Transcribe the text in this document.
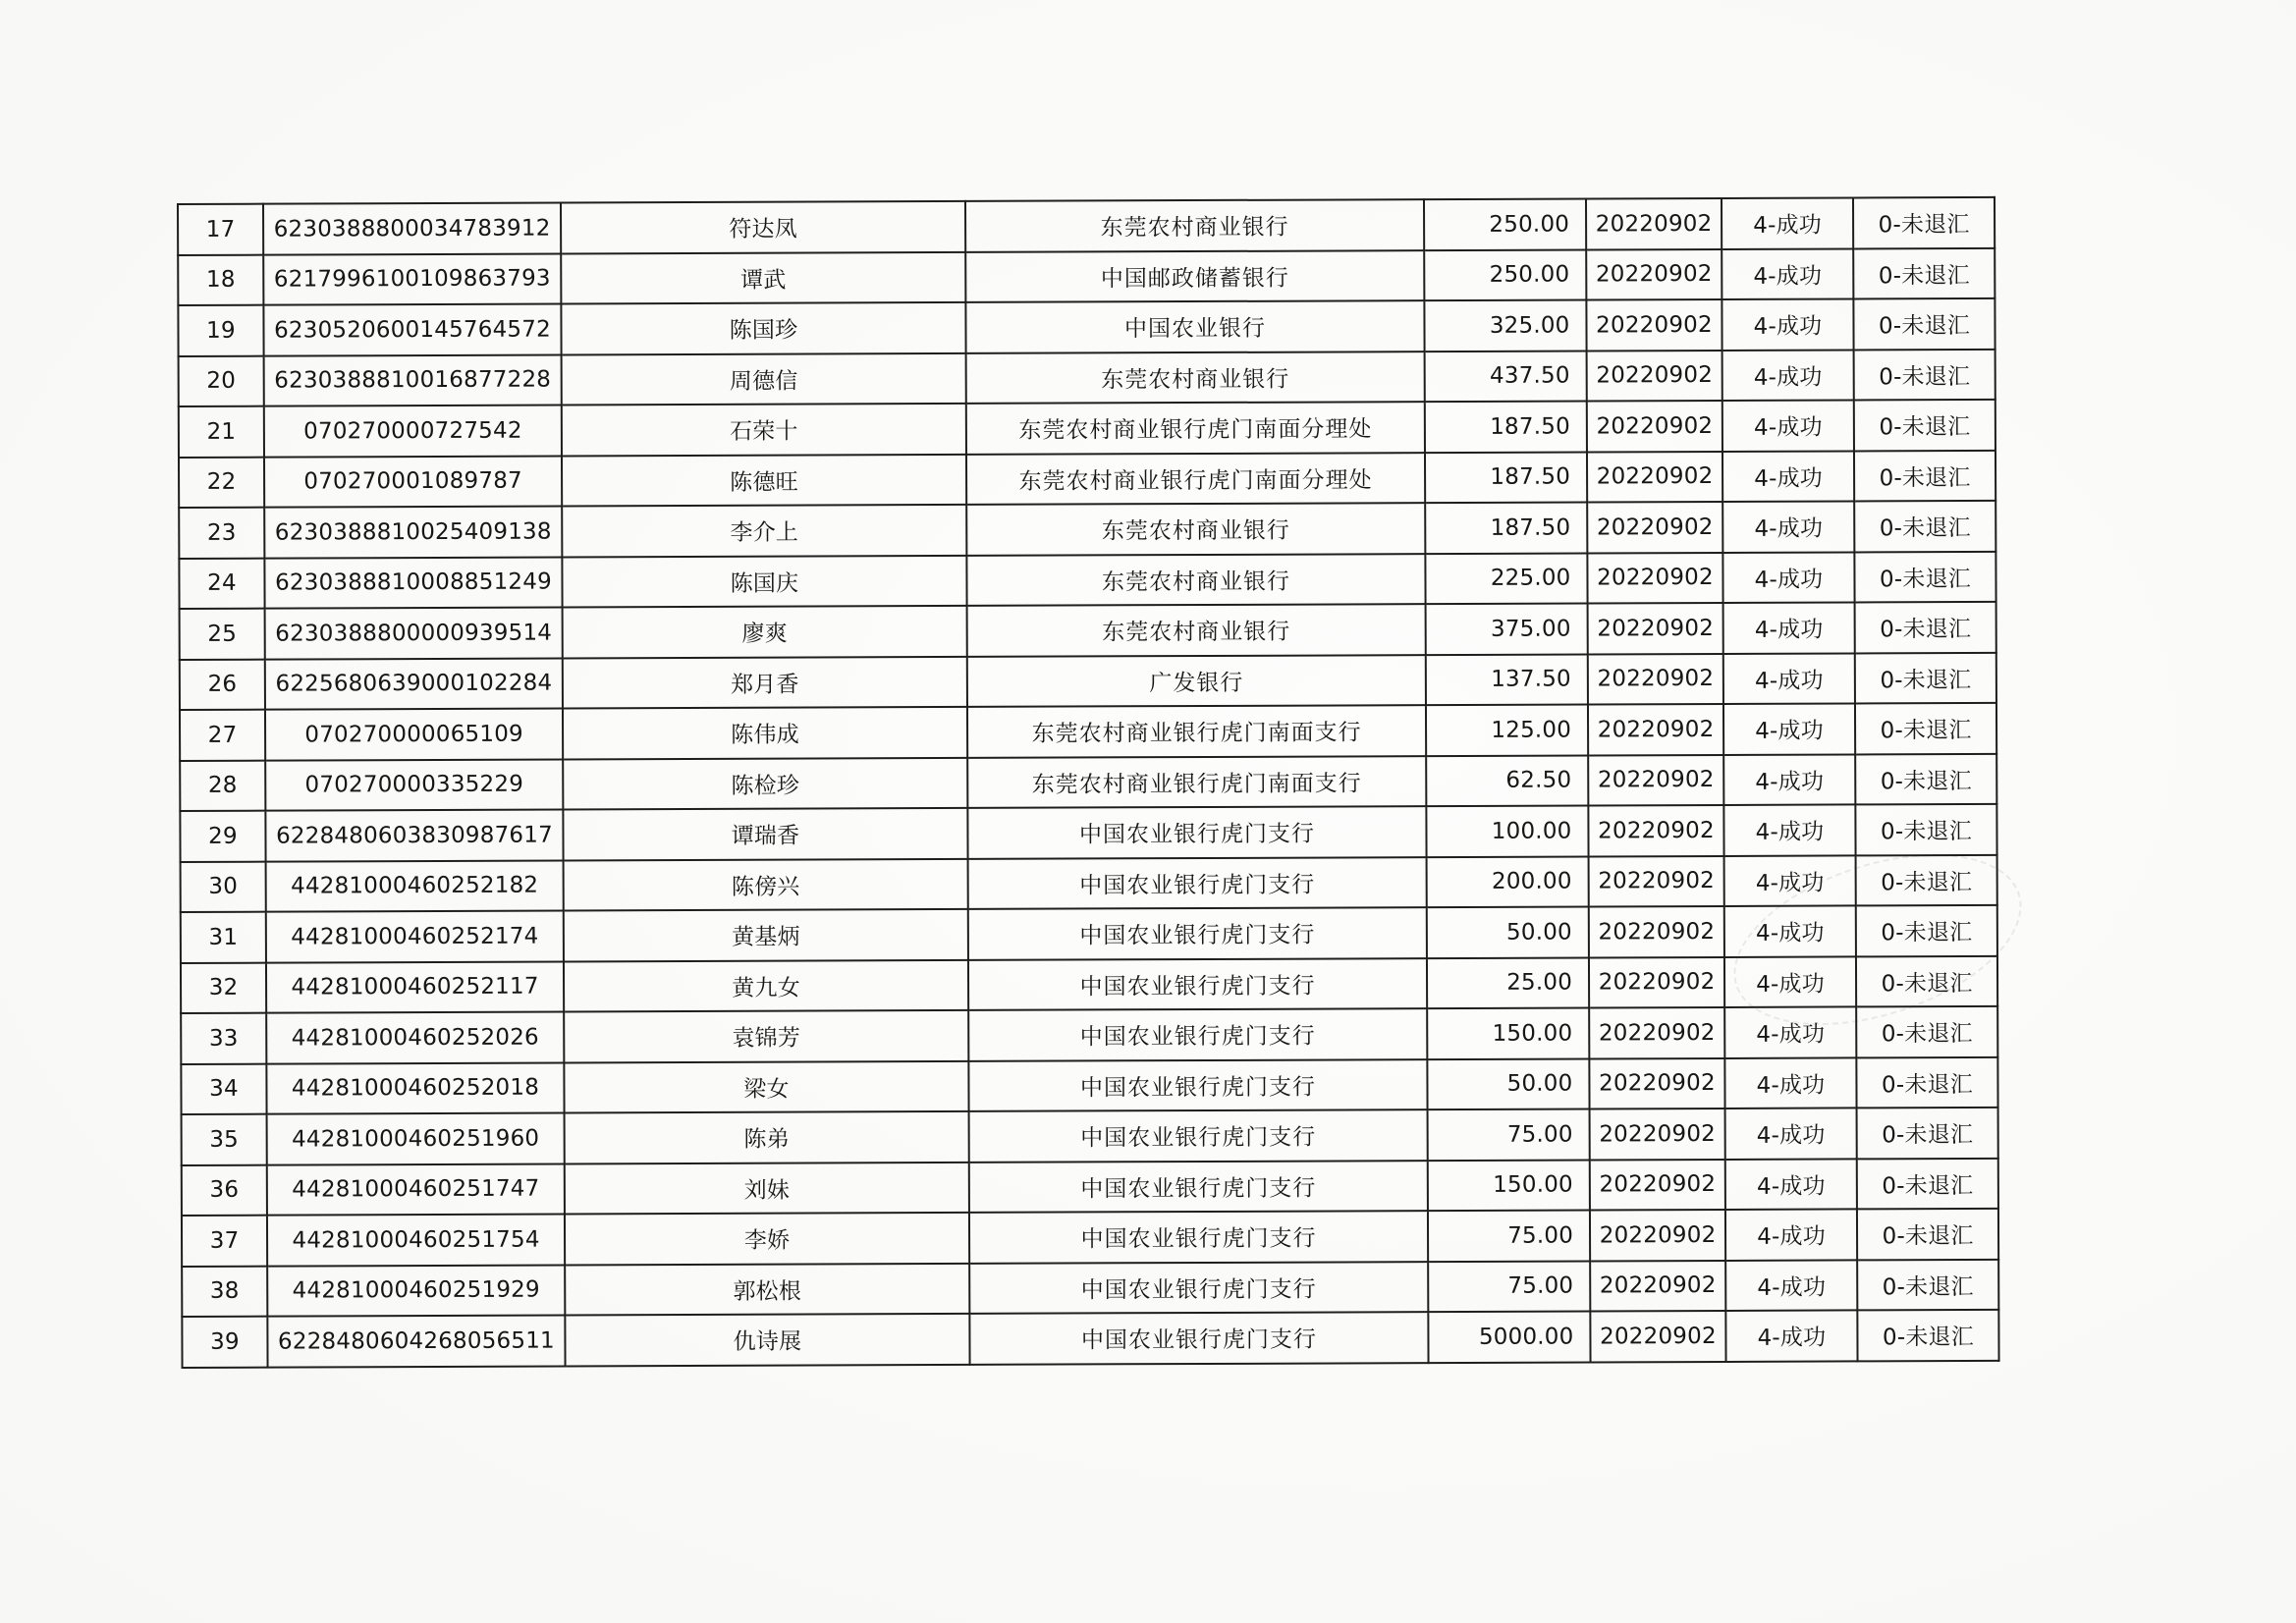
17	6230388800034783912	符达凤	东莞农村商业银行	250.00	20220902	4-成功	0-未退汇
18	6217996100109863793	谭武	中国邮政储蓄银行	250.00	20220902	4-成功	0-未退汇
19	6230520600145764572	陈国珍	中国农业银行	325.00	20220902	4-成功	0-未退汇
20	6230388810016877228	周德信	东莞农村商业银行	437.50	20220902	4-成功	0-未退汇
21	070270000727542	石荣十	东莞农村商业银行虎门南面分理处	187.50	20220902	4-成功	0-未退汇
22	070270001089787	陈德旺	东莞农村商业银行虎门南面分理处	187.50	20220902	4-成功	0-未退汇
23	6230388810025409138	李介上	东莞农村商业银行	187.50	20220902	4-成功	0-未退汇
24	6230388810008851249	陈国庆	东莞农村商业银行	225.00	20220902	4-成功	0-未退汇
25	6230388800000939514	廖爽	东莞农村商业银行	375.00	20220902	4-成功	0-未退汇
26	6225680639000102284	郑月香	广发银行	137.50	20220902	4-成功	0-未退汇
27	070270000065109	陈伟成	东莞农村商业银行虎门南面支行	125.00	20220902	4-成功	0-未退汇
28	070270000335229	陈检珍	东莞农村商业银行虎门南面支行	62.50	20220902	4-成功	0-未退汇
29	6228480603830987617	谭瑞香	中国农业银行虎门支行	100.00	20220902	4-成功	0-未退汇
30	44281000460252182	陈傍兴	中国农业银行虎门支行	200.00	20220902	4-成功	0-未退汇
31	44281000460252174	黄基炳	中国农业银行虎门支行	50.00	20220902	4-成功	0-未退汇
32	44281000460252117	黄九女	中国农业银行虎门支行	25.00	20220902	4-成功	0-未退汇
33	44281000460252026	袁锦芳	中国农业银行虎门支行	150.00	20220902	4-成功	0-未退汇
34	44281000460252018	梁女	中国农业银行虎门支行	50.00	20220902	4-成功	0-未退汇
35	44281000460251960	陈弟	中国农业银行虎门支行	75.00	20220902	4-成功	0-未退汇
36	44281000460251747	刘妹	中国农业银行虎门支行	150.00	20220902	4-成功	0-未退汇
37	44281000460251754	李娇	中国农业银行虎门支行	75.00	20220902	4-成功	0-未退汇
38	44281000460251929	郭松根	中国农业银行虎门支行	75.00	20220902	4-成功	0-未退汇
39	6228480604268056511	仇诗展	中国农业银行虎门支行	5000.00	20220902	4-成功	0-未退汇
